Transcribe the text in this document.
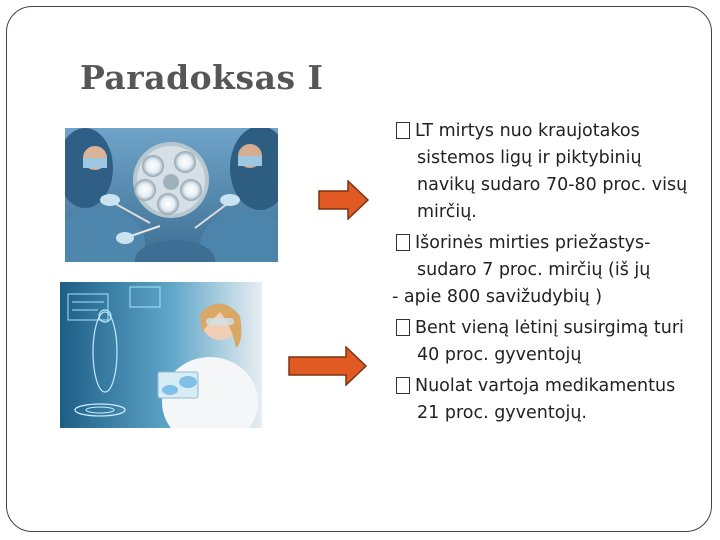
Paradoksas I
LT mirtys nuo kraujotakos sistemos ligų ir piktybinių navikų sudaro 70-80 proc. visų mirčių.
Išorinės mirties priežastys- sudaro 7 proc. mirčių (iš jų
- apie 800 savižudybių )
Bent vieną lėtinį susirgimą turi 40 proc. gyventojų
Nuolat vartoja medikamentus 21 proc. gyventojų.
